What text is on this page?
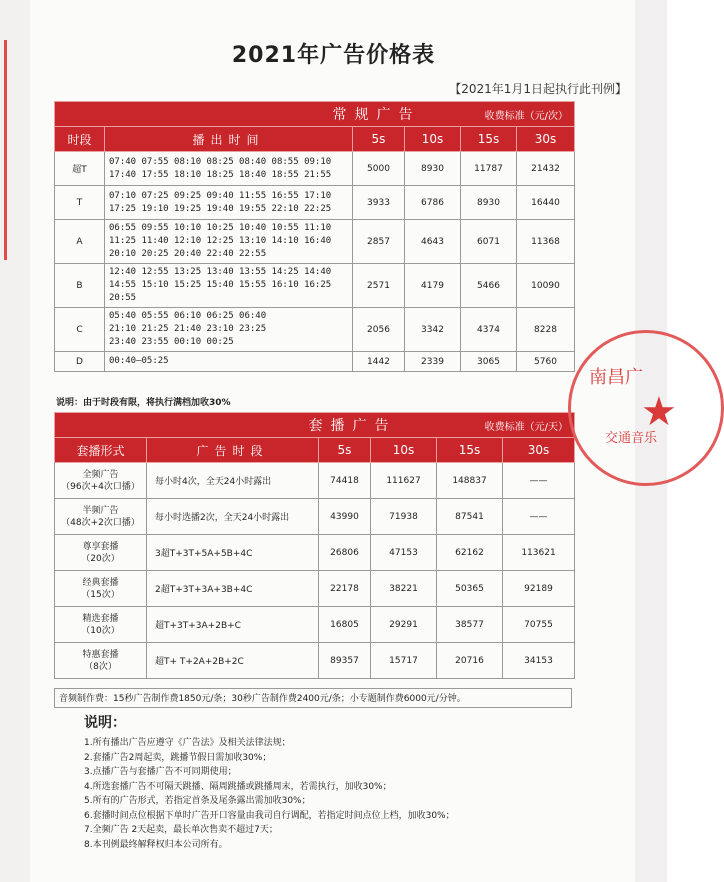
2021年广告价格表
【2021年1月1日起执行此刊例】
常规广告				收费标准（元/次）	
时段	播出时间	5s	10s	15s	30s
超T	07:40 07:55 08:10 08:25 08:40 08:55 09:10
17:40 17:55 18:10 18:25 18:40 18:55 21:55	5000	8930	11787	21432
T	07:10 07:25 09:25 09:40 11:55 16:55 17:10
17:25 19:10 19:25 19:40 19:55 22:10 22:25	3933	6786	8930	16440
A	06:55 09:55 10:10 10:25 10:40 10:55 11:10
11:25 11:40 12:10 12:25 13:10 14:10 16:40
20:10 20:25 20:40 22:40 22:55	2857	4643	6071	11368
B	12:40 12:55 13:25 13:40 13:55 14:25 14:40
14:55 15:10 15:25 15:40 15:55 16:10 16:25
20:55	2571	4179	5466	10090
C	05:40 05:55 06:10 06:25 06:40
21:10 21:25 21:40 23:10 23:25
23:40 23:55 00:10 00:25	2056	3342	4374	8228
D	00:40—05:25	1442	2339	3065	5760
说明：由于时段有限，将执行满档加收30%
套播广告				收费标准（元/天）	
套播形式	广告时段	5s	10s	15s	30s
全频广告
（96次+4次口播）	每小时4次，全天24小时露出	74418	111627	148837	——
半频广告
（48次+2次口播）	每小时选播2次，全天24小时露出	43990	71938	87541	——
尊享套播
（20次）	3超T+3T+5A+5B+4C	26806	47153	62162	113621
经典套播
（15次）	2超T+3T+3A+3B+4C	22178	38221	50365	92189
精选套播
（10次）	超T+3T+3A+2B+C	16805	29291	38577	70755
特惠套播
（8次）	超T+ T+2A+2B+2C	89357	15717	20716	34153
音频制作费：15秒广告制作费1850元/条；30秒广告制作费2400元/条；小专题制作费6000元/分钟。
说明：
1.所有播出广告应遵守《广告法》及相关法律法规；
2.套播广告2周起卖，跳播节假日需加收30%；
3.点播广告与套播广告不可同期使用；
4.所选套播广告不可隔天跳播、隔周跳播或跳播周末，若需执行，加收30%；
5.所有的广告形式，若指定首条及尾条露出需加收30%；
6.套播时间点位根据下单时广告开口容量由我司自行调配，若指定时间点位上档，加收30%；
7.全频广告 2天起卖，最长单次售卖不超过7天；
8.本刊例最终解释权归本公司所有。
南昌广
★
交通音乐
